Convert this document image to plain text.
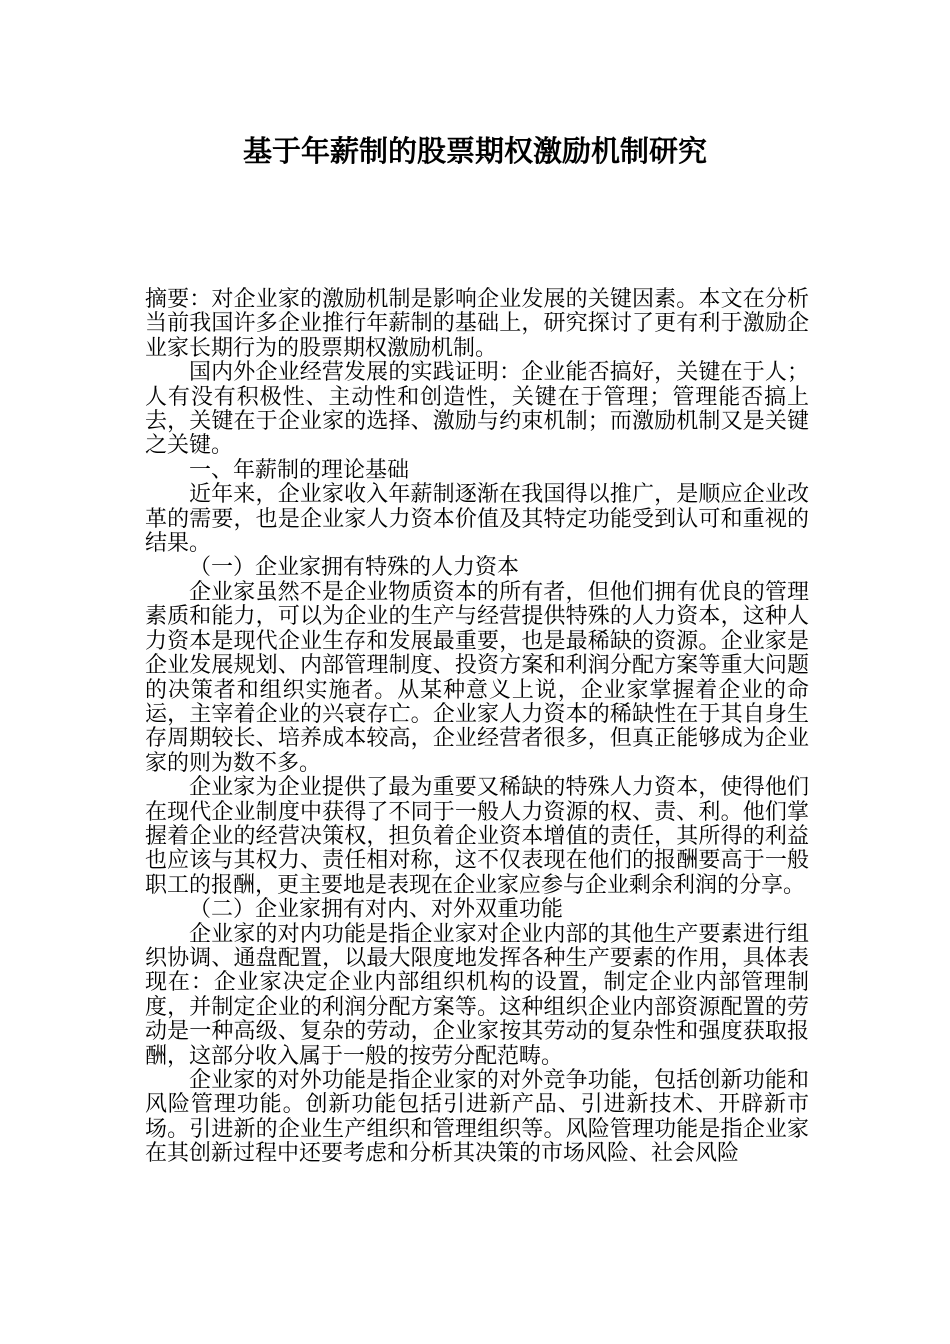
基于年薪制的股票期权激励机制研究

摘要：对企业家的激励机制是影响企业发展的关键因素。本文在分析当前我国许多企业推行年薪制的基础上，研究探讨了更有利于激励企业家长期行为的股票期权激励机制。

国内外企业经营发展的实践证明：企业能否搞好，关键在于人；人有没有积极性、主动性和创造性，关键在于管理；管理能否搞上去，关键在于企业家的选择、激励与约束机制；而激励机制又是关键之关键。

一、年薪制的理论基础

近年来，企业家收入年薪制逐渐在我国得以推广，是顺应企业改革的需要，也是企业家人力资本价值及其特定功能受到认可和重视的结果。

（一）企业家拥有特殊的人力资本

企业家虽然不是企业物质资本的所有者，但他们拥有优良的管理素质和能力，可以为企业的生产与经营提供特殊的人力资本，这种人力资本是现代企业生存和发展最重要，也是最稀缺的资源。企业家是企业发展规划、内部管理制度、投资方案和利润分配方案等重大问题的决策者和组织实施者。从某种意义上说，企业家掌握着企业的命运，主宰着企业的兴衰存亡。企业家人力资本的稀缺性在于其自身生存周期较长、培养成本较高，企业经营者很多，但真正能够成为企业家的则为数不多。

企业家为企业提供了最为重要又稀缺的特殊人力资本，使得他们在现代企业制度中获得了不同于一般人力资源的权、责、利。他们掌握着企业的经营决策权，担负着企业资本增值的责任，其所得的利益也应该与其权力、责任相对称，这不仅表现在他们的报酬要高于一般职工的报酬，更主要地是表现在企业家应参与企业剩余利润的分享。

（二）企业家拥有对内、对外双重功能

企业家的对内功能是指企业家对企业内部的其他生产要素进行组织协调、通盘配置，以最大限度地发挥各种生产要素的作用，具体表现在：企业家决定企业内部组织机构的设置，制定企业内部管理制度，并制定企业的利润分配方案等。这种组织企业内部资源配置的劳动是一种高级、复杂的劳动，企业家按其劳动的复杂性和强度获取报酬，这部分收入属于一般的按劳分配范畴。

企业家的对外功能是指企业家的对外竞争功能，包括创新功能和风险管理功能。创新功能包括引进新产品、引进新技术、开辟新市场。引进新的企业生产组织和管理组织等。风险管理功能是指企业家在其创新过程中还要考虑和分析其决策的市场风险、社会风险
